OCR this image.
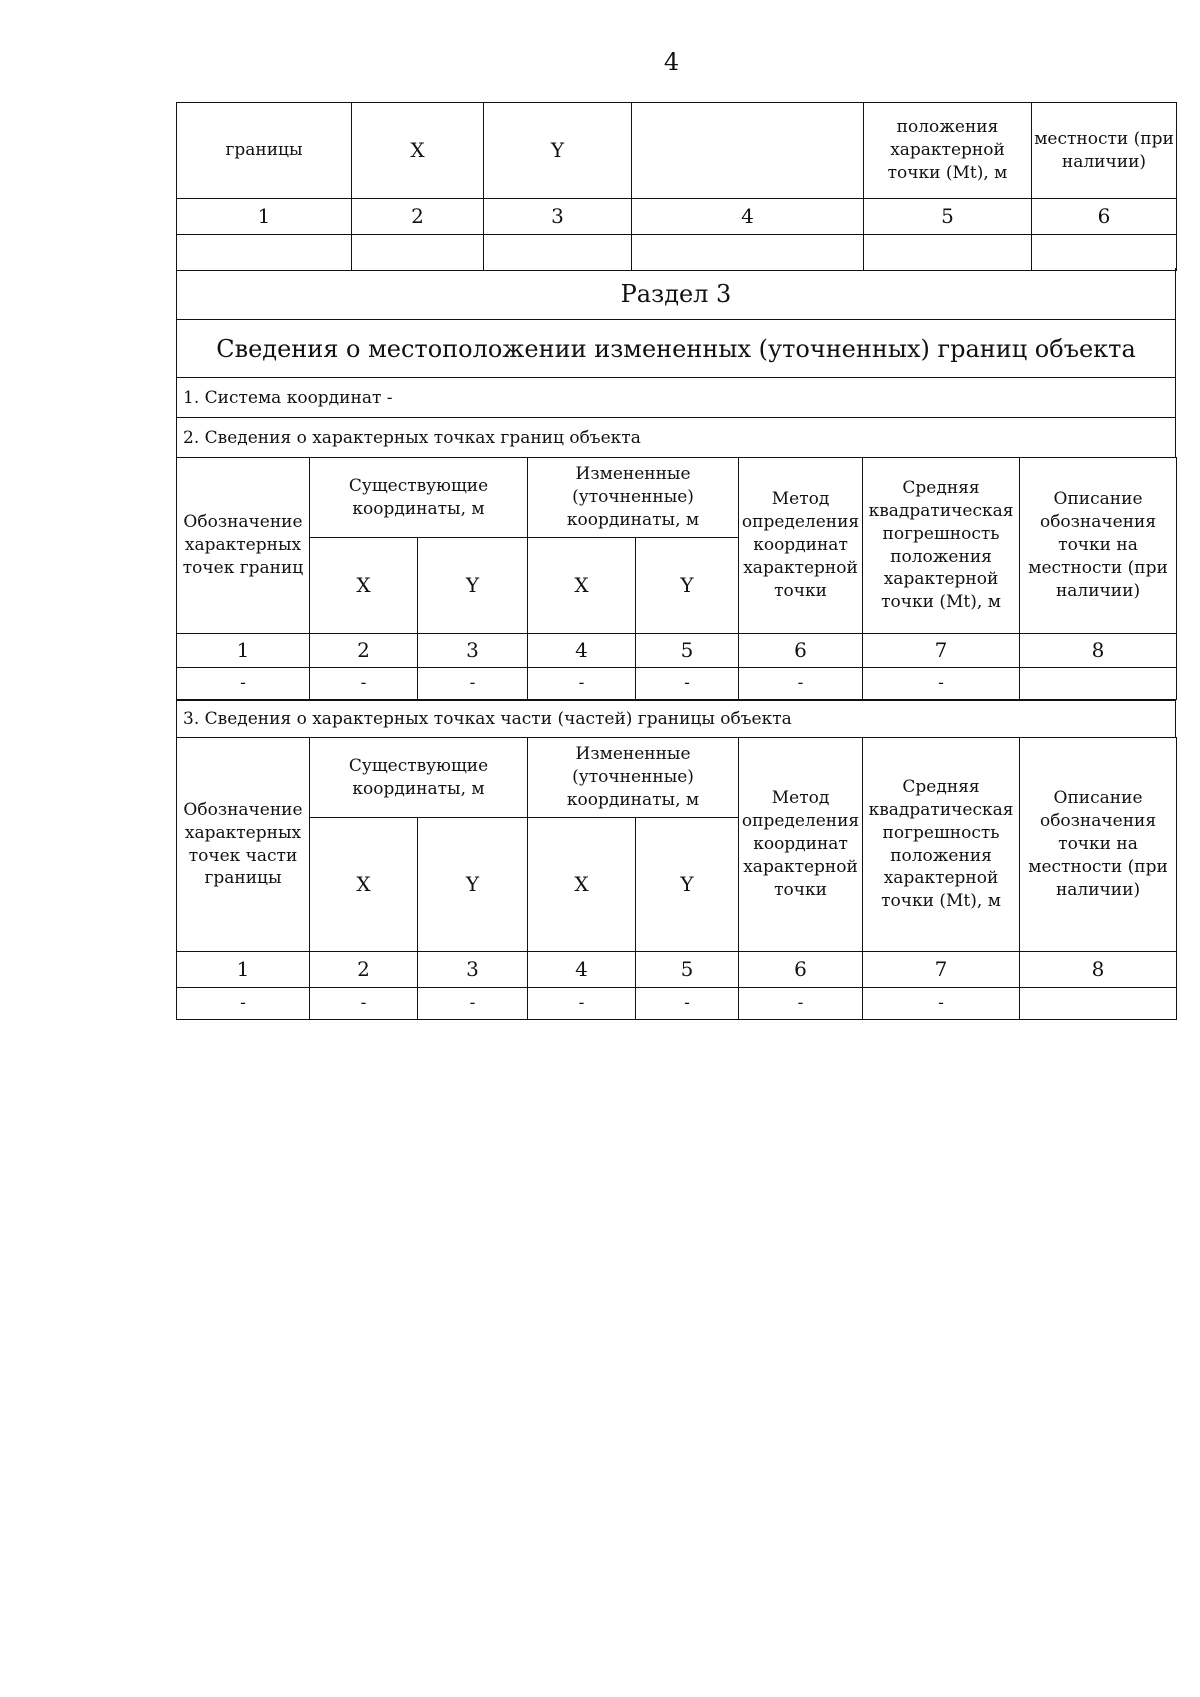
4
границы	X	Y		положения характерной точки (Mt), м	местности (при наличии)
1	2	3	4	5	6

Раздел 3
Сведения о местоположении измененных (уточненных) границ объекта
1. Система координат -
2. Сведения о характерных точках границ объекта
Обозначение характерных точек границ	Существующие координаты, м		Измененные (уточненные) координаты, м		Метод определения координат характерной точки	Средняя квадратическая погрешность положения характерной точки (Mt), м	Описание обозначения точки на местности (при наличии)
	X	Y	X	Y			
1	2	3	4	5	6	7	8
-	-	-	-	-	-	-	
3. Сведения о характерных точках части (частей) границы объекта
Обозначение характерных точек части границы	Существующие координаты, м		Измененные (уточненные) координаты, м		Метод определения координат характерной точки	Средняя квадратическая погрешность положения характерной точки (Mt), м	Описание обозначения точки на местности (при наличии)
	X	Y	X	Y			
1	2	3	4	5	6	7	8
-	-	-	-	-	-	-	
